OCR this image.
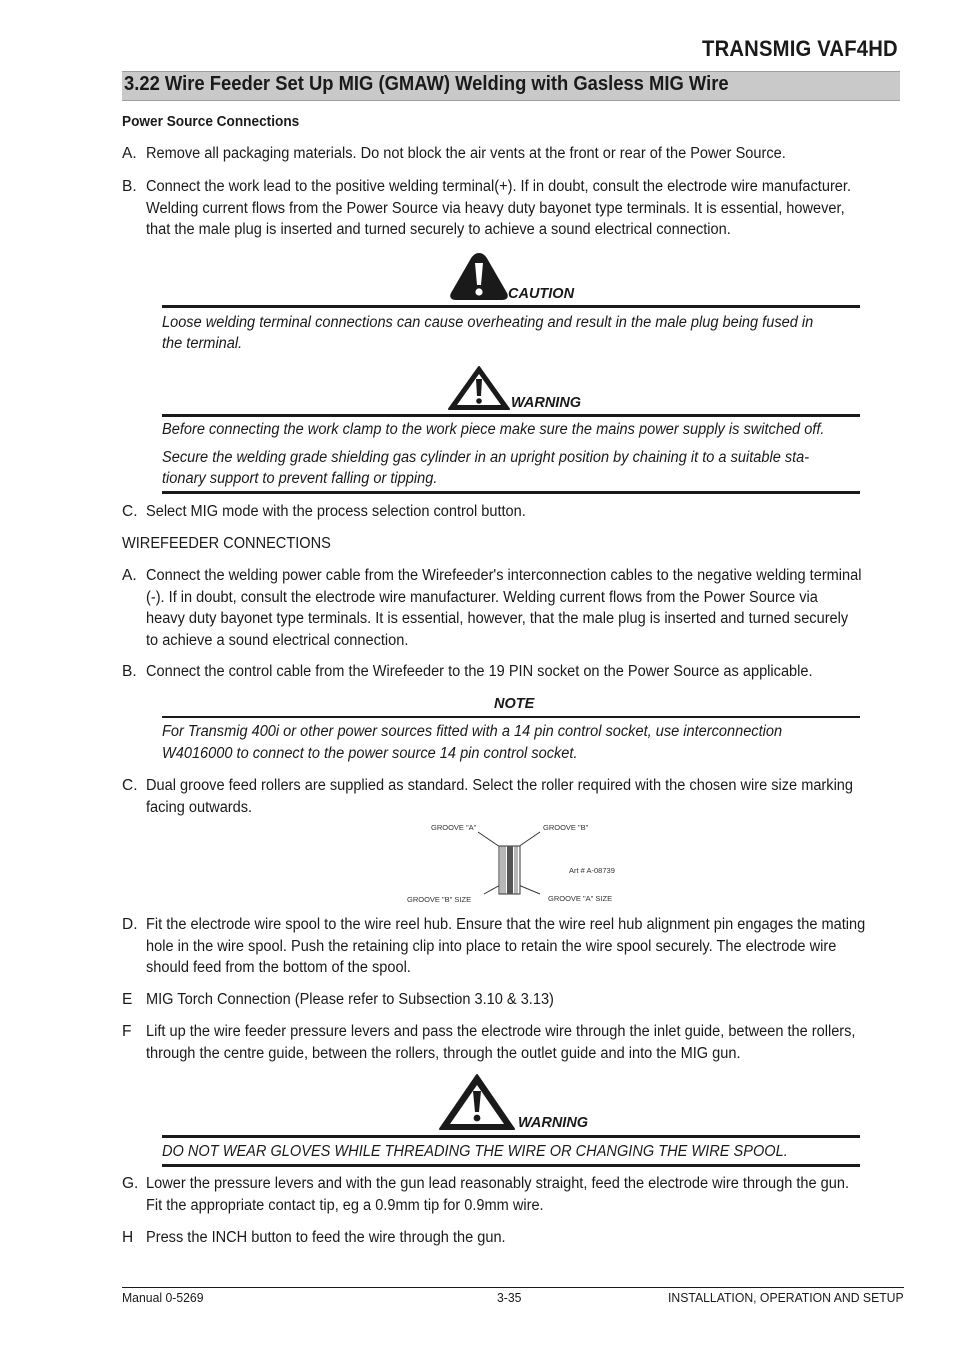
TRANSMIG VAF4HD
3.22 Wire Feeder Set Up MIG (GMAW) Welding with Gasless MIG Wire
Power Source Connections
A. Remove all packaging materials. Do not block the air vents at the front or rear of the Power Source.
B. Connect the work lead to the positive welding terminal(+). If in doubt, consult the electrode wire manufacturer.
Welding current flows from the Power Source via heavy duty bayonet type terminals. It is essential, however,
that the male plug is inserted and turned securely to achieve a sound electrical connection.
CAUTION
Loose welding terminal connections can cause overheating and result in the male plug being fused in
the terminal.
WARNING
Before connecting the work clamp to the work piece make sure the mains power supply is switched off.
Secure the welding grade shielding gas cylinder in an upright position by chaining it to a suitable sta-
tionary support to prevent falling or tipping.
C. Select MIG mode with the process selection control button.
WIREFEEDER CONNECTIONS
A. Connect the welding power cable from the Wirefeeder's interconnection cables to the negative welding terminal
(-). If in doubt, consult the electrode wire manufacturer. Welding current flows from the Power Source via
heavy duty bayonet type terminals. It is essential, however, that the male plug is inserted and turned securely
to achieve a sound electrical connection.
B. Connect the control cable from the Wirefeeder to the 19 PIN socket on the Power Source as applicable.
NOTE
For Transmig 400i or other power sources fitted with a 14 pin control socket, use interconnection
W4016000 to connect to the power source 14 pin control socket.
C. Dual groove feed rollers are supplied as standard. Select the roller required with the chosen wire size marking
facing outwards.
GROOVE "A"	GROOVE "B"
Art # A-08739
GROOVE "B" SIZE	GROOVE "A" SIZE
D. Fit the electrode wire spool to the wire reel hub. Ensure that the wire reel hub alignment pin engages the mating
hole in the wire spool. Push the retaining clip into place to retain the wire spool securely. The electrode wire
should feed from the bottom of the spool.
E MIG Torch Connection (Please refer to Subsection 3.10 & 3.13)
F Lift up the wire feeder pressure levers and pass the electrode wire through the inlet guide, between the rollers,
through the centre guide, between the rollers, through the outlet guide and into the MIG gun.
WARNING
DO NOT WEAR GLOVES WHILE THREADING THE WIRE OR CHANGING THE WIRE SPOOL.
G. Lower the pressure levers and with the gun lead reasonably straight, feed the electrode wire through the gun.
Fit the appropriate contact tip, eg a 0.9mm tip for 0.9mm wire.
H Press the INCH button to feed the wire through the gun.
Manual 0-5269	3-35	INSTALLATION, OPERATION AND SETUP
